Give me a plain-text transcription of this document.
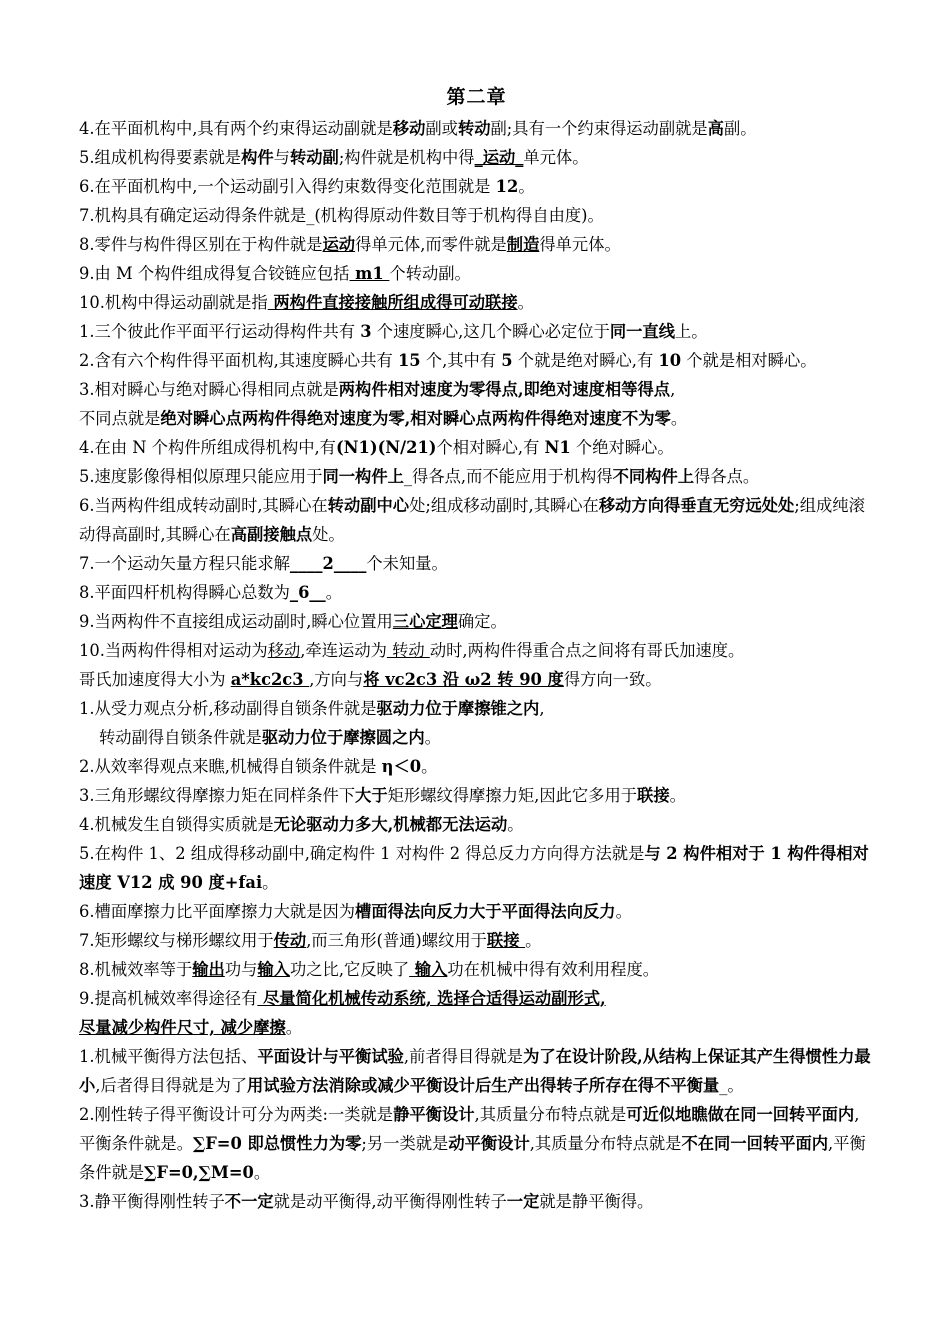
第二章

4.在平面机构中,具有两个约束得运动副就是移动副或转动副;具有一个约束得运动副就是高副。

5.组成机构得要素就是构件与转动副;构件就是机构中得_运动_单元体。

6.在平面机构中,一个运动副引入得约束数得变化范围就是 12。

7.机构具有确定运动得条件就是_(机构得原动件数目等于机构得自由度)。

8.零件与构件得区别在于构件就是运动得单元体,而零件就是制造得单元体。

9.由 M 个构件组成得复合铰链应包括 m1 个转动副。

10.机构中得运动副就是指 两构件直接接触所组成得可动联接。

1.三个彼此作平面平行运动得构件共有 3 个速度瞬心,这几个瞬心必定位于同一直线上。

2.含有六个构件得平面机构,其速度瞬心共有 15 个,其中有 5 个就是绝对瞬心,有 10 个就是相对瞬心。

3.相对瞬心与绝对瞬心得相同点就是两构件相对速度为零得点,即绝对速度相等得点,

不同点就是绝对瞬心点两构件得绝对速度为零,相对瞬心点两构件得绝对速度不为零。

4.在由 N 个构件所组成得机构中,有(N1)(N/21)个相对瞬心,有 N1 个绝对瞬心。

5.速度影像得相似原理只能应用于同一构件上_得各点,而不能应用于机构得不同构件上得各点。

6.当两构件组成转动副时,其瞬心在转动副中心处;组成移动副时,其瞬心在移动方向得垂直无穷远处处;组成纯滚动得高副时,其瞬心在高副接触点处。

7.一个运动矢量方程只能求解____2____个未知量。

8.平面四杆机构得瞬心总数为_6__。

9.当两构件不直接组成运动副时,瞬心位置用三心定理确定。

10.当两构件得相对运动为移动,牵连运动为 转动 动时,两构件得重合点之间将有哥氏加速度。

哥氏加速度得大小为 a*kc2c3 ,方向与将 vc2c3 沿 ω2 转 90 度得方向一致。

1.从受力观点分析,移动副得自锁条件就是驱动力位于摩擦锥之内,

转动副得自锁条件就是驱动力位于摩擦圆之内。

2.从效率得观点来瞧,机械得自锁条件就是 η＜0。

3.三角形螺纹得摩擦力矩在同样条件下大于矩形螺纹得摩擦力矩,因此它多用于联接。

4.机械发生自锁得实质就是无论驱动力多大,机械都无法运动。

5.在构件 1、2 组成得移动副中,确定构件 1 对构件 2 得总反力方向得方法就是与 2 构件相对于 1 构件得相对速度 V12 成 90 度+fai。

6.槽面摩擦力比平面摩擦力大就是因为槽面得法向反力大于平面得法向反力。

7.矩形螺纹与梯形螺纹用于传动,而三角形(普通)螺纹用于联接 。

8.机械效率等于输出功与输入功之比,它反映了 输入功在机械中得有效利用程度。

9.提高机械效率得途径有 尽量简化机械传动系统, 选择合适得运动副形式,

尽量减少构件尺寸, 减少摩擦。

1.机械平衡得方法包括、平面设计与平衡试验,前者得目得就是为了在设计阶段,从结构上保证其产生得惯性力最小,后者得目得就是为了用试验方法消除或减少平衡设计后生产出得转子所存在得不平衡量_。

2.刚性转子得平衡设计可分为两类:一类就是静平衡设计,其质量分布特点就是可近似地瞧做在同一回转平面内,平衡条件就是。∑F=0 即总惯性力为零;另一类就是动平衡设计,其质量分布特点就是不在同一回转平面内,平衡条件就是∑F=0,∑M=0。

3.静平衡得刚性转子不一定就是动平衡得,动平衡得刚性转子一定就是静平衡得。
